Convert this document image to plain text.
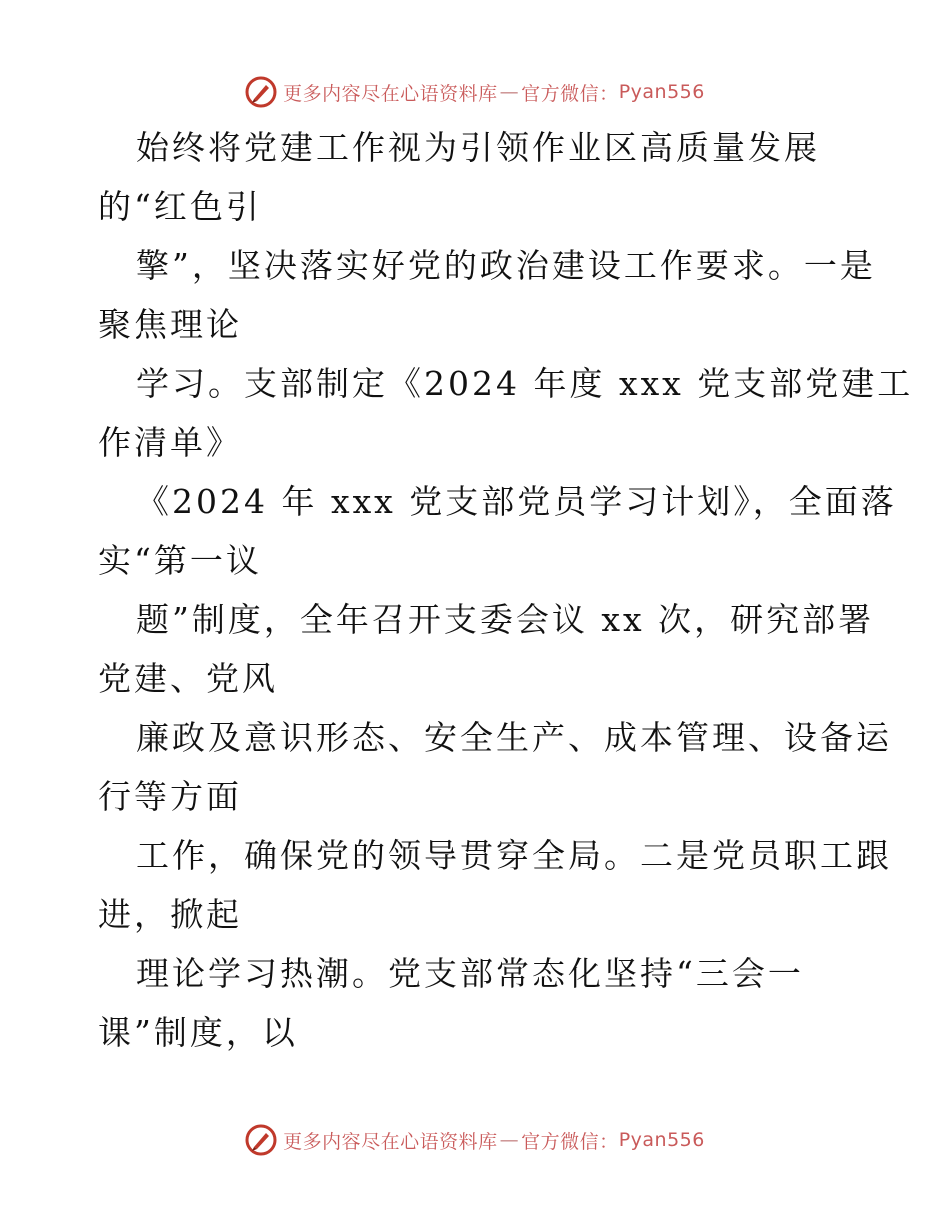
更多内容尽在心语资料库 — 官方微信： Pyan556

始终将党建工作视为引领作业区高质量发展

的“红色引

擎”，坚决落实好党的政治建设工作要求。一是

聚焦理论

学习。支部制定《2024 年度 xxx 党支部党建工

作清单》

《2024 年 xxx 党支部党员学习计划》，全面落

实“第一议

题”制度，全年召开支委会议 xx 次，研究部署

党建、党风

廉政及意识形态、安全生产、成本管理、设备运

行等方面

工作，确保党的领导贯穿全局。二是党员职工跟

进，掀起

理论学习热潮。党支部常态化坚持“三会一

课”制度，以

更多内容尽在心语资料库 — 官方微信： Pyan556
